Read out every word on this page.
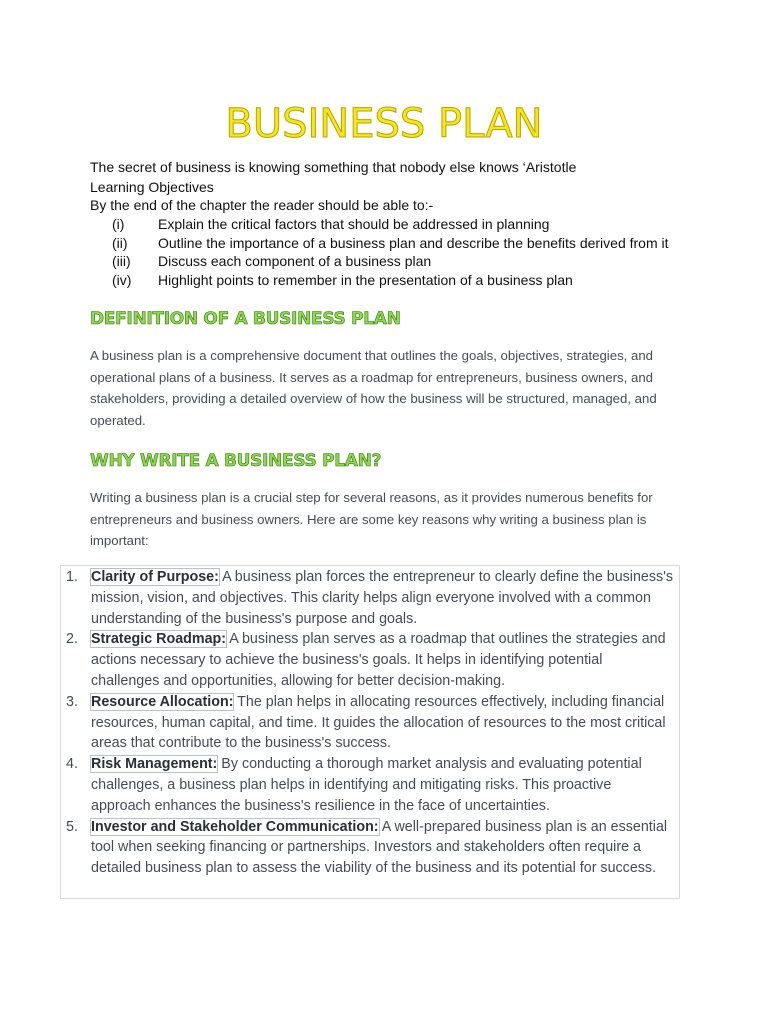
BUSINESS PLAN
The secret of business is knowing something that nobody else knows ‘Aristotle
Learning Objectives
By the end of the chapter the reader should be able to:-
(i)	Explain the critical factors that should be addressed in planning
(ii)	Outline the importance of a business plan and describe the benefits derived from it
(iii)	Discuss each component of a business plan
(iv)	Highlight points to remember in the presentation of a business plan
DEFINITION OF A BUSINESS PLAN
A business plan is a comprehensive document that outlines the goals, objectives, strategies, and operational plans of a business. It serves as a roadmap for entrepreneurs, business owners, and stakeholders, providing a detailed overview of how the business will be structured, managed, and operated.
WHY WRITE A BUSINESS PLAN?
Writing a business plan is a crucial step for several reasons, as it provides numerous benefits for entrepreneurs and business owners. Here are some key reasons why writing a business plan is important:
1. Clarity of Purpose: A business plan forces the entrepreneur to clearly define the business's mission, vision, and objectives. This clarity helps align everyone involved with a common understanding of the business's purpose and goals.
2. Strategic Roadmap: A business plan serves as a roadmap that outlines the strategies and actions necessary to achieve the business's goals. It helps in identifying potential challenges and opportunities, allowing for better decision-making.
3. Resource Allocation: The plan helps in allocating resources effectively, including financial resources, human capital, and time. It guides the allocation of resources to the most critical areas that contribute to the business's success.
4. Risk Management: By conducting a thorough market analysis and evaluating potential challenges, a business plan helps in identifying and mitigating risks. This proactive approach enhances the business's resilience in the face of uncertainties.
5. Investor and Stakeholder Communication: A well-prepared business plan is an essential tool when seeking financing or partnerships. Investors and stakeholders often require a detailed business plan to assess the viability of the business and its potential for success.
